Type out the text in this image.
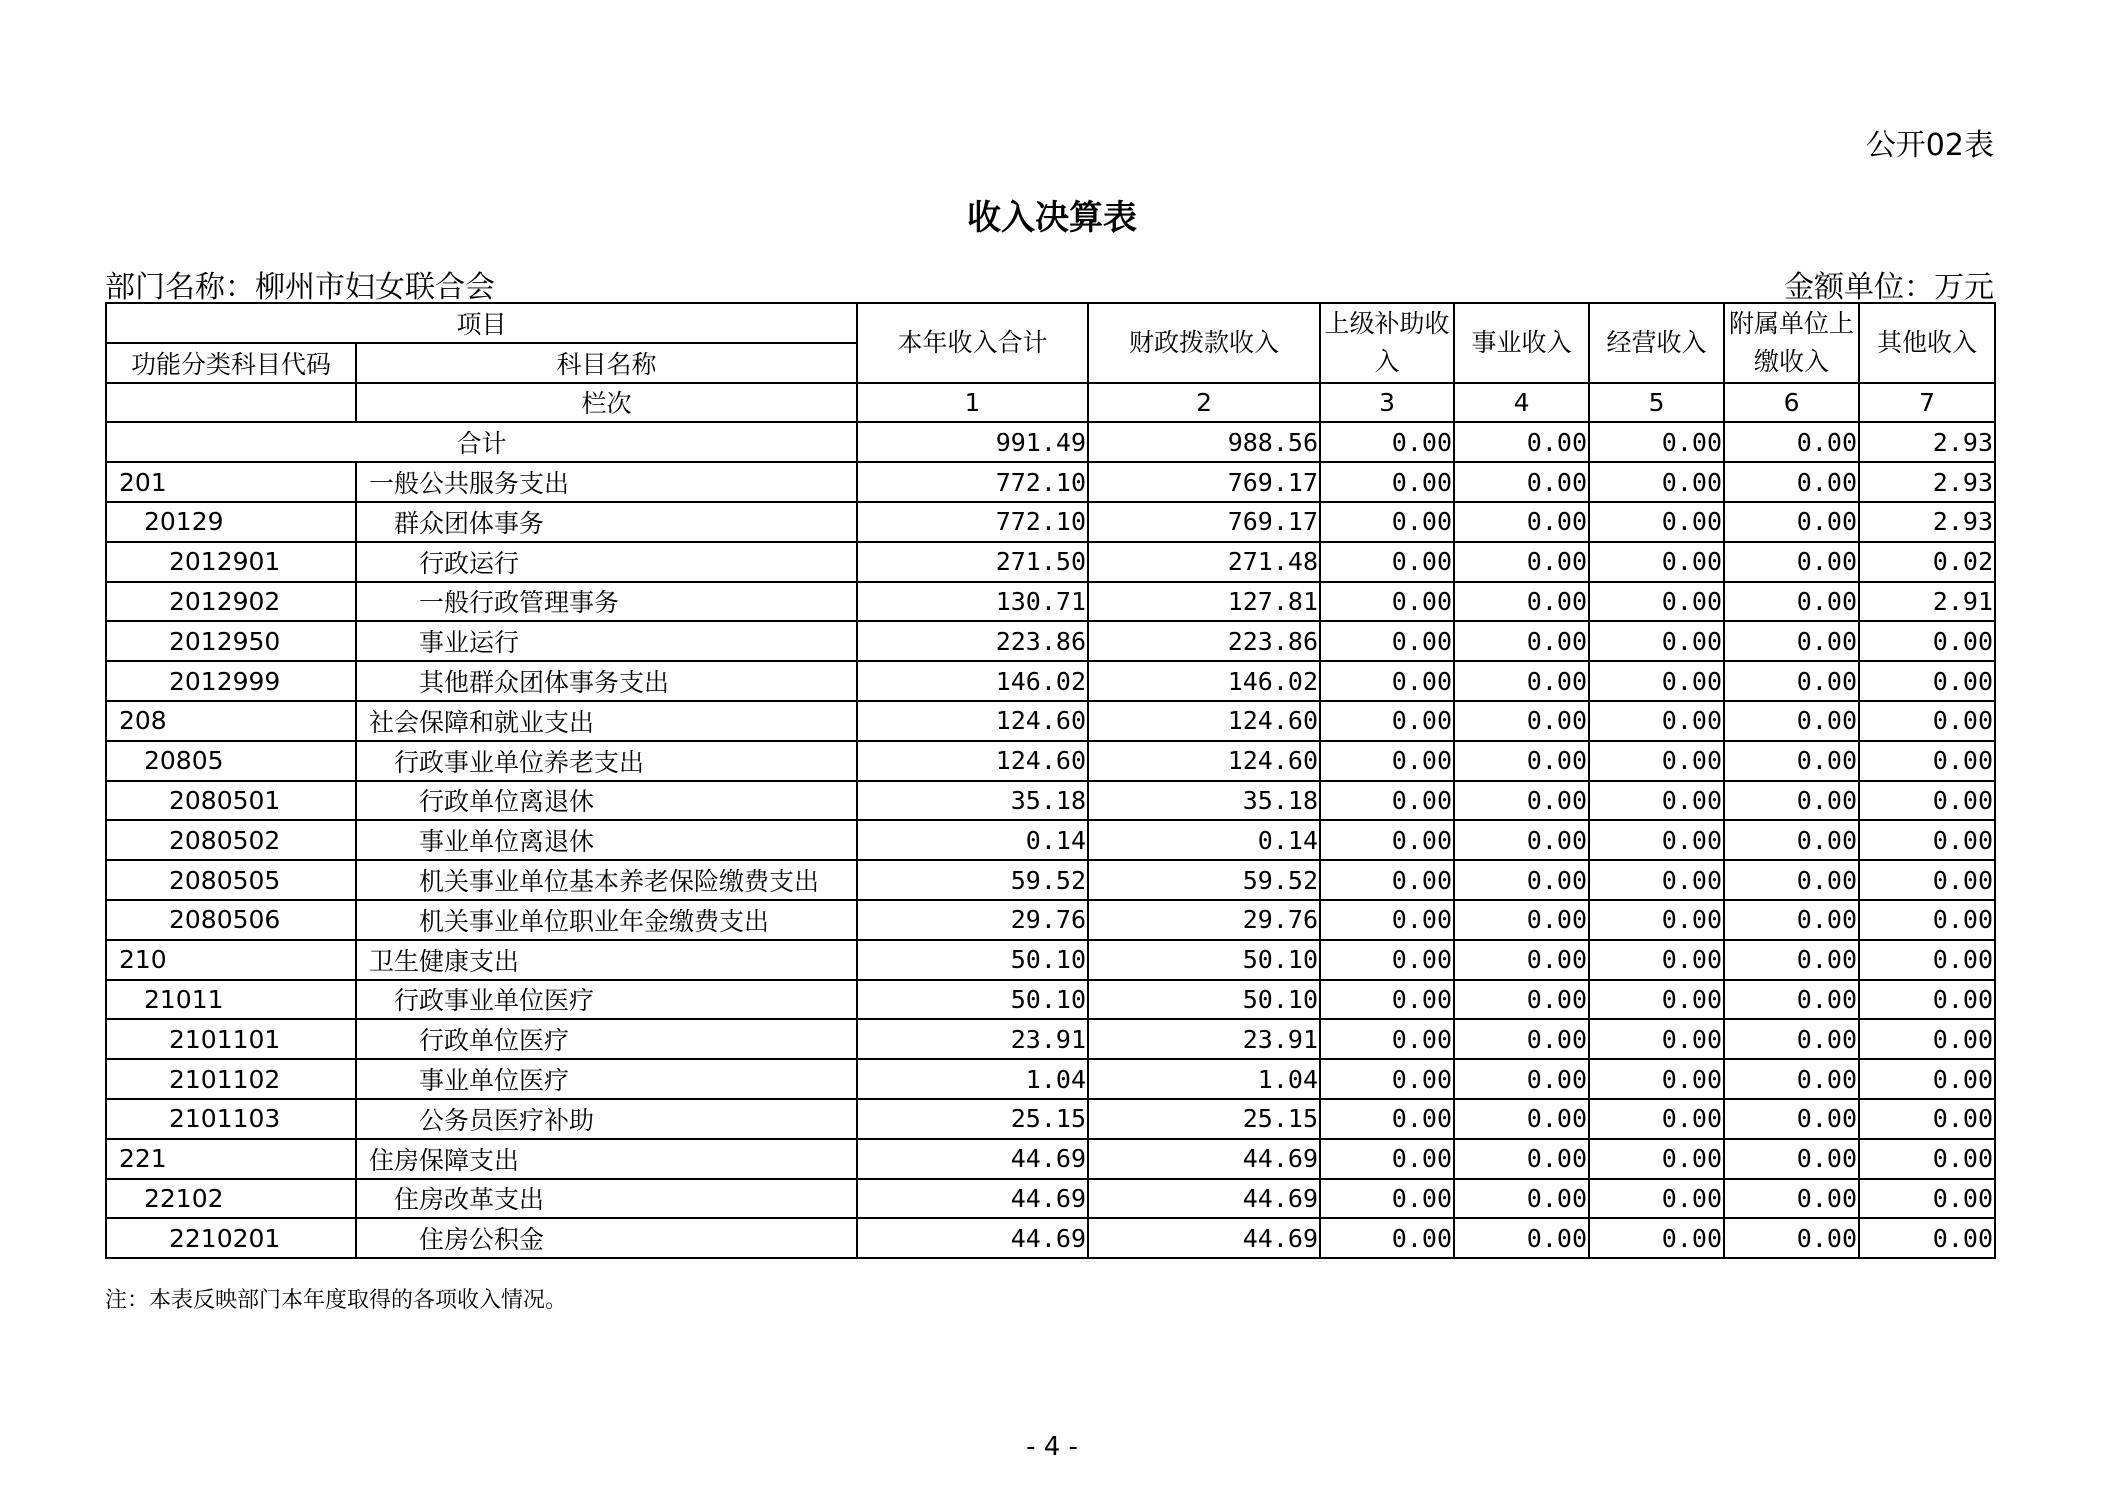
公开02表
收入决算表
部门名称：柳州市妇女联合会	金额单位：万元
项目		本年收入合计	财政拨款收入	上级补助收入	事业收入	经营收入	附属单位上缴收入	其他收入
功能分类科目代码	科目名称							
	栏次	1	2	3	4	5	6	7
合计		991.49	988.56	0.00	0.00	0.00	0.00	2.93
201	一般公共服务支出	772.10	769.17	0.00	0.00	0.00	0.00	2.93
20129	群众团体事务	772.10	769.17	0.00	0.00	0.00	0.00	2.93
2012901	行政运行	271.50	271.48	0.00	0.00	0.00	0.00	0.02
2012902	一般行政管理事务	130.71	127.81	0.00	0.00	0.00	0.00	2.91
2012950	事业运行	223.86	223.86	0.00	0.00	0.00	0.00	0.00
2012999	其他群众团体事务支出	146.02	146.02	0.00	0.00	0.00	0.00	0.00
208	社会保障和就业支出	124.60	124.60	0.00	0.00	0.00	0.00	0.00
20805	行政事业单位养老支出	124.60	124.60	0.00	0.00	0.00	0.00	0.00
2080501	行政单位离退休	35.18	35.18	0.00	0.00	0.00	0.00	0.00
2080502	事业单位离退休	0.14	0.14	0.00	0.00	0.00	0.00	0.00
2080505	机关事业单位基本养老保险缴费支出	59.52	59.52	0.00	0.00	0.00	0.00	0.00
2080506	机关事业单位职业年金缴费支出	29.76	29.76	0.00	0.00	0.00	0.00	0.00
210	卫生健康支出	50.10	50.10	0.00	0.00	0.00	0.00	0.00
21011	行政事业单位医疗	50.10	50.10	0.00	0.00	0.00	0.00	0.00
2101101	行政单位医疗	23.91	23.91	0.00	0.00	0.00	0.00	0.00
2101102	事业单位医疗	1.04	1.04	0.00	0.00	0.00	0.00	0.00
2101103	公务员医疗补助	25.15	25.15	0.00	0.00	0.00	0.00	0.00
221	住房保障支出	44.69	44.69	0.00	0.00	0.00	0.00	0.00
22102	住房改革支出	44.69	44.69	0.00	0.00	0.00	0.00	0.00
2210201	住房公积金	44.69	44.69	0.00	0.00	0.00	0.00	0.00
注：本表反映部门本年度取得的各项收入情况。
- 4 -
